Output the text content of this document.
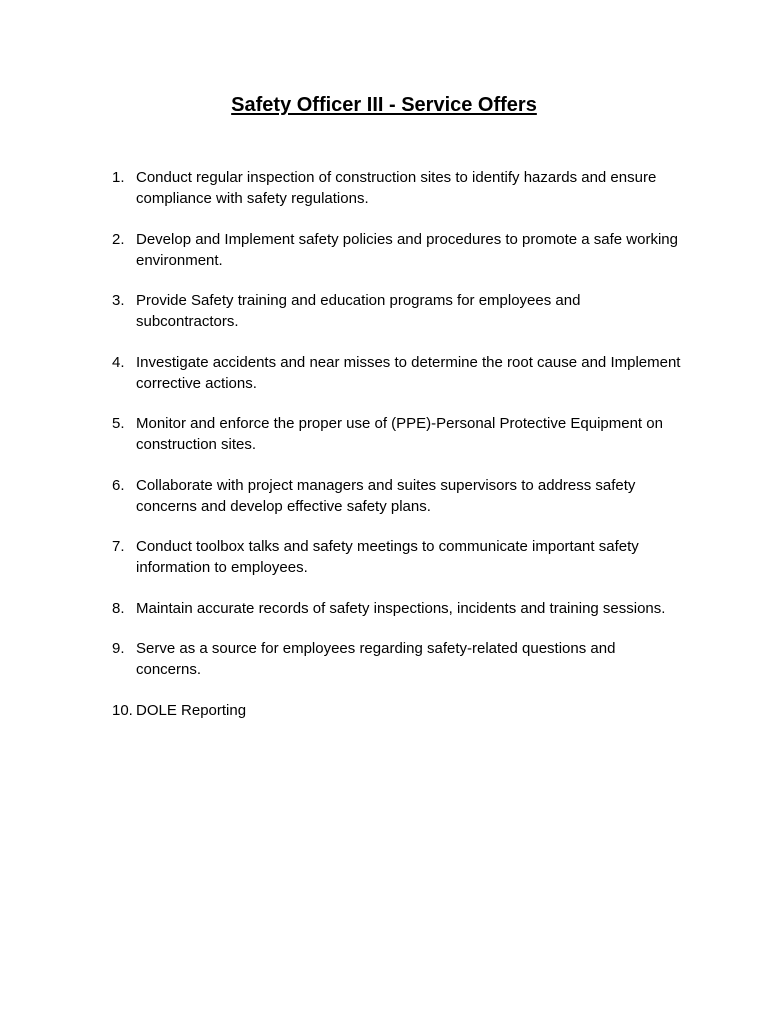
Safety Officer III - Service Offers
1. Conduct regular inspection of construction sites to identify hazards and ensure compliance with safety regulations.
2. Develop and Implement safety policies and procedures to promote a safe working environment.
3. Provide Safety training and education programs for employees and subcontractors.
4. Investigate accidents and near misses to determine the root cause and Implement corrective actions.
5. Monitor and enforce the proper use of (PPE)-Personal Protective Equipment on construction sites.
6. Collaborate with project managers and suites supervisors to address safety concerns and develop effective safety plans.
7. Conduct toolbox talks and safety meetings to communicate important safety information to employees.
8. Maintain accurate records of safety inspections, incidents and training sessions.
9. Serve as a source for employees regarding safety-related questions and concerns.
10. DOLE Reporting
